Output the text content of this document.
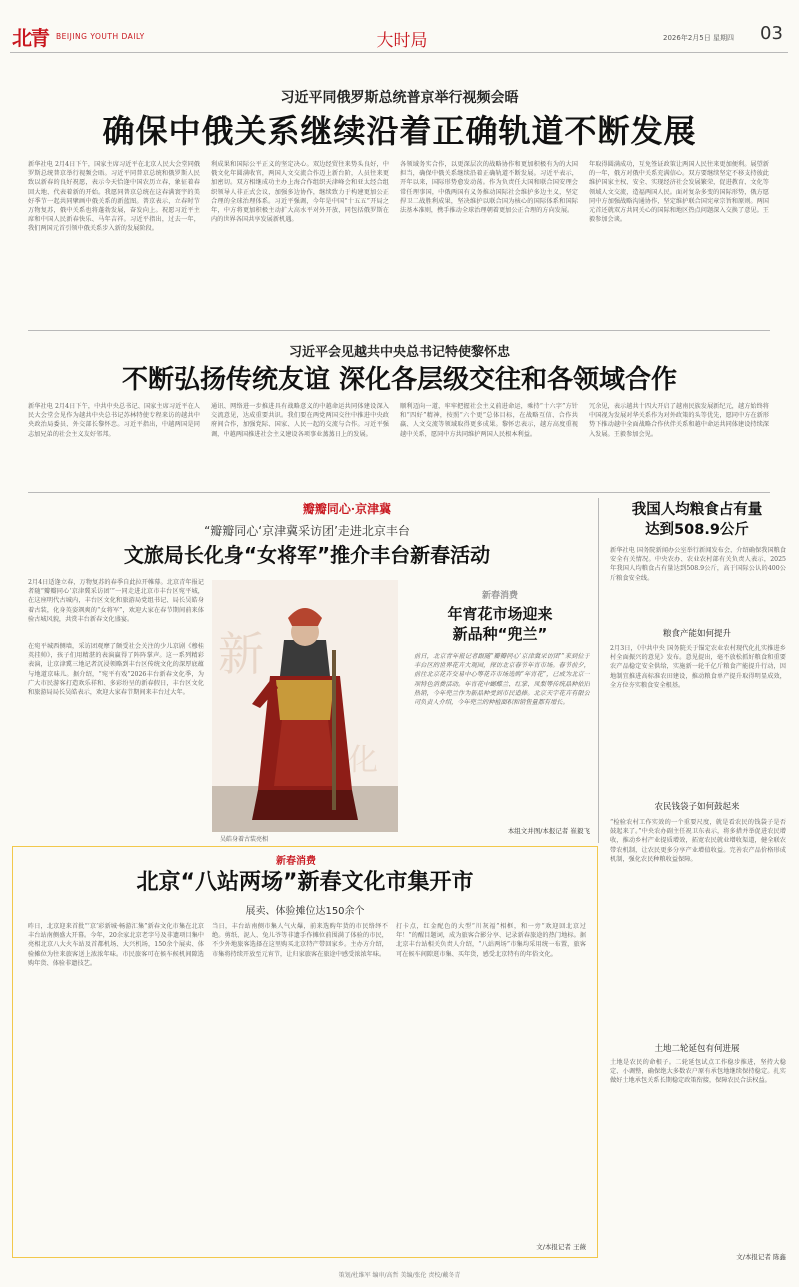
北青	BEIJING YOUTH DAILY	大时局	2026年2月5日 星期四 03
习近平同俄罗斯总统普京举行视频会晤
确保中俄关系继续沿着正确轨道不断发展
新华社电 2月4日下午，国家主席习近平在北京人民大会堂同俄罗斯总统普京举行视频会晤。习近平同普京总统和俄罗斯人民致以新春的良好祝愿，表示今天恰逢中国农历立春，象征着春回大地、代表着新的开始。我愿同普京总统在这春满寰宇的美好季节一起共同擘画中俄关系的新蓝图。普京表示，立春时节万物复苏，俄中关系也将蓬勃发展，奋发向上。祝愿习近平主席和中国人民新春快乐、马年吉祥。习近平指出，过去一年，我们两国元首引领中俄关系步入新的发展阶段。
利成果和国际公平正义的坚定决心。双边经贸往来势头良好，中俄文化年圆满收官，两国人文交流合作迈上新台阶，人员往来更加密切。双方相继成功主办上海合作组织天津峰会和亚太经合组织领导人非正式会议，加强多边协作，继续致力于构建更加公正合理的全球治理体系。习近平强调，今年是中国“十五五”开局之年，中方将更加积极主动扩大高水平对外开放，同包括俄罗斯在内的世界各国共享发展新机遇。
各领域务实合作，以更深层次的战略协作和更加积极有为的大国担当，确保中俄关系继续沿着正确轨道不断发展。习近平表示，开年以来，国际形势愈发动荡。作为负责任大国和联合国安理会常任理事国，中俄两国有义务推动国际社会维护多边主义，坚定捍卫二战胜利成果，坚决维护以联合国为核心的国际体系和国际法基本准则，携手推动全球治理朝着更加公正合理的方向发展。
年取得圆满成功，互免签证政策让两国人民往来更加便利。展望新的一年，俄方对俄中关系充满信心。双方要继续坚定不移支持彼此维护国家主权、安全、实现经济社会发展繁荣，促进教育、文化等领域人文交流，造福两国人民。面对复杂多变的国际形势，俄方愿同中方加强战略沟通协作，坚定维护联合国宪章宗旨和原则。两国元首还就双方共同关心的国际和地区热点问题深入交换了意见。王毅参加会谈。
习近平会见越共中央总书记特使黎怀忠
不断弘扬传统友谊 深化各层级交往和各领域合作
新华社电 2月4日下午，中共中央总书记、国家主席习近平在人民大会堂会见作为越共中央总书记苏林特使专程来访的越共中央政治局委员、外交部长黎怀忠。习近平指出，中越两国是同志加兄弟的社会主义友好邻邦。
通讯、网络进一步推进具有战略意义的中越命运共同体建设深入交流意见，达成重要共识。我们要在两党两国交往中推进中央政府间合作，加强党际、国家、人民一起的交流与合作。习近平强调，中越两国推进社会主义建设各项事业蒸蒸日上的发展。
顺利迈向一道，牢牢把握社会主义前进命运，乘持“十六字”方针和“四好”精神，按照“六个更”总体目标，在战略互信、合作共赢、人文交流等领域取得更多成果。黎怀忠表示，越方高度重视越中关系，愿同中方共同维护两国人民根本利益。
冗余见，表示越共十四大开启了越南民族发展新纪元，越方始终将中国视为发展对华关系作为对外政策的头等优先，愿同中方在新形势下推动越中全面战略合作伙伴关系和越中命运共同体建设持续深入发展。王毅参加会见。
瓣瓣同心·京津冀
“瓣瓣同心‘京津冀采访团’走进北京丰台
文旅局长化身“女将军”推介丰台新春活动
2月4日适逢立春，万物复苏的春季自此拉开帷幕。北京青年报记者随“瓣瓣同心‘京津冀采访团’”一同走进北京市丰台区宛平城，在这座明代古城内，丰台区文化和旅游局党组书记、局长吴皓身着古装，化身英姿飒爽的“女将军”，欢迎大家在春节期间前来体验古城风貌，共赏丰台新春文化盛宴。
在宛平城西侧墙，采访团观摩了颇受社会关注的少儿京剧《穆桂英挂帅》，孩子们用精湛的表演赢得了阵阵掌声。这一系列精彩表演，让京津冀三地记者沉浸领略到丰台区传统文化的深厚底蕴与地道京味儿。据介绍，“宛平有戏”2026丰台新春文化季，为广大市民游客打造欢乐祥和、多彩纷呈的新春假日，丰台区文化和旅游局局长吴皓表示，欢迎大家春节期间来丰台过大年。
新
化
吴皓身着古装亮相
新春消费
年宵花市场迎来
新品种“兜兰”
前日，北京青年报记者跟随“瓣瓣同心‘京津冀采访团’”来到位于丰台区的世界花卉大观园，探访北京春节年宵市场。春节前夕，前往北京花卉交易中心等花卉市场选购“年宵花”，已成为北京一项特色消费活动。年宵花中蝴蝶兰、红掌、凤梨等传统品种依旧热销，今年兜兰作为新品种受到市民追捧。北京天宇花卉有限公司负责人介绍，今年兜兰的种植面积和销售量都有增长。
本组文并图/本报记者 崔毅飞
我国人均粮食占有量
达到508.9公斤
新华社电 国务院新闻办公室举行新闻发布会，介绍确保我国粮食安全有关情况。中央农办、农业农村部有关负责人表示，2025年我国人均粮食占有量达到508.9公斤，高于国际公认的400公斤粮食安全线。
粮食产能如何提升
2月3日，《中共中央 国务院关于锚定农业农村现代化扎实推进乡村全面振兴的意见》发布。意见提出，毫不放松抓好粮食和重要农产品稳定安全供给，实施新一轮千亿斤粮食产能提升行动，因地制宜推进高标准农田建设，推动粮食单产提升取得明显成效，全方位夯实粮食安全根基。
农民钱袋子如何鼓起来
“检验农村工作实效的一个重要尺度，就是看农民的钱袋子是否鼓起来了。”中央农办副主任祝卫东表示，将多措并举促进农民增收，推动乡村产业提质增效，拓宽农民就业增收渠道，健全联农带农机制，让农民更多分享产业增值收益。完善农产品价格形成机制，强化农民种粮收益保障。
土地二轮延包有何进展
土地是农民的命根子。二轮延包试点工作稳步推进，坚持大稳定、小调整，确保绝大多数农户原有承包地继续保持稳定。扎实做好土地承包关系长期稳定政策衔接，保障农民合法权益。
文/本报记者 陈鑫
新春消费
北京“八站两场”新春文化市集开市
展卖、体验摊位达150余个
昨日，北京迎来首批“‘京’彩新城·畅游汇集”新春文化市集在北京丰台站南侧盛大开幕。今年，20余家北京老字号及非遗项目集中亮相北京八大火车站及首都机场、大兴机场，150余个展卖、体验摊位为往来旅客送上浓浓年味。市民旅客可在候车候机间隙选购年货、体验非遗技艺。
当日，丰台站南侧市集人气火爆，前来选购年货的市民络绎不绝。剪纸、泥人、兔儿爷等非遗手作摊位前围满了体验的市民，不少外地旅客选择在这里购买北京特产带回家乡。主办方介绍，市集将持续开放至元宵节，让归家旅客在旅途中感受浓浓年味。
打卡点，红金配色的大型“川灰福”相框，和一旁“欢迎回北京过年！”的醒目题词，成为旅客合影分享、记录新春旅途的热门地标。据北京丰台站相关负责人介绍，“八站两场”市集均采用统一布置，旅客可在候车间隙逛市集、买年货，感受北京特有的年俗文化。
文/本报记者 王薇
策划/杜维军 编审/高哲 美编/张伦 责校/戴冬青
